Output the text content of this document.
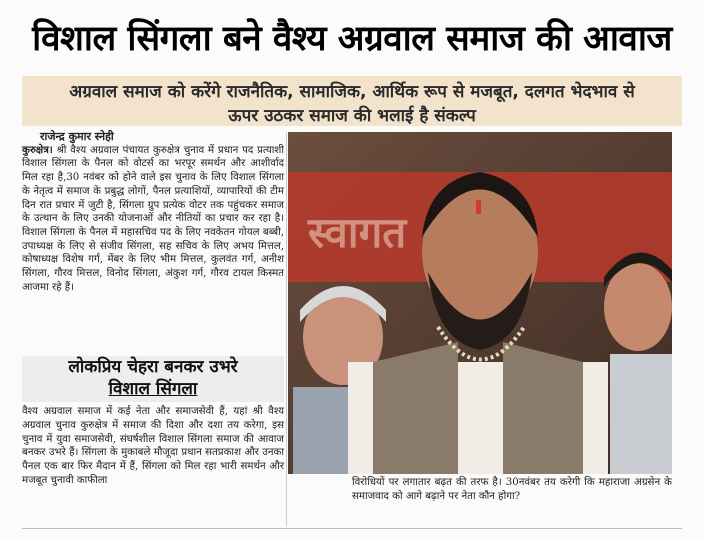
विशाल सिंगला बने वैश्य अग्रवाल समाज की आवाज
अग्रवाल समाज को करेंगे राजनैतिक, सामाजिक, आर्थिक रूप से मजबूत, दलगत भेदभाव से
ऊपर उठकर समाज की भलाई है संकल्प
राजेन्द्र कुमार स्नेही

कुरुक्षेत्र। श्री वैश्य अग्रवाल पंचायत कुरुक्षेत्र चुनाव में प्रधान पद प्रत्याशी विशाल सिंगला के पैनल को वोटर्स का भरपूर समर्थन और आशीर्वाद मिल रहा है,30 नवंबर को होने वाले इस चुनाव के लिए विशाल सिंगला के नेतृत्व में समाज के प्रबुद्ध लोगों, पैनल प्रत्याशियों, व्यापारियों की टीम दिन रात प्रचार में जुटी है, सिंगला ग्रुप प्रत्येक वोटर तक पहुंचकर समाज के उत्थान के लिए उनकी योजनाओं और नीतियों का प्रचार कर रहा है। विशाल सिंगला के पैनल में महासचिव पद के लिए नवकेतन गोयल बब्बी, उपाध्यक्ष के लिए से संजीव सिंगला, सह सचिव के लिए अभय मित्तल, कोषाध्यक्ष विशेष गर्ग, मेंबर के लिए भीम मित्तल, कुलवंत गर्ग, अनीश सिंगला, गौरव मित्तल, विनोद सिंगला, अंकुश गर्ग, गौरव टायल किस्मत आजमा रहे हैं।

लोकप्रिय चेहरा बनकर उभरे
विशाल सिंगला
वैश्य अग्रवाल समाज में कई नेता और समाजसेवी हैं, यहां श्री वैश्य अग्रवाल चुनाव कुरुक्षेत्र में समाज की दिशा और दशा तय करेगा, इस चुनाव में युवा समाजसेवी, संघर्षशील विशाल सिंगला समाज की आवाज बनकर उभरे हैं। सिंगला के मुकाबले मौजूदा प्रधान सतप्रकाश और उनका पैनल एक बार फिर मैदान में हैं, सिंगला को मिल रहा भारी समर्थन और मजबूत चुनावी काफीला
स्वागत
विरोधियों पर लगातार बढ़त की तरफ है। 30नवंबर तय करेगी कि महाराजा अग्रसेन के समाजवाद को आगे बढ़ाने पर नेता कौन होगा?
